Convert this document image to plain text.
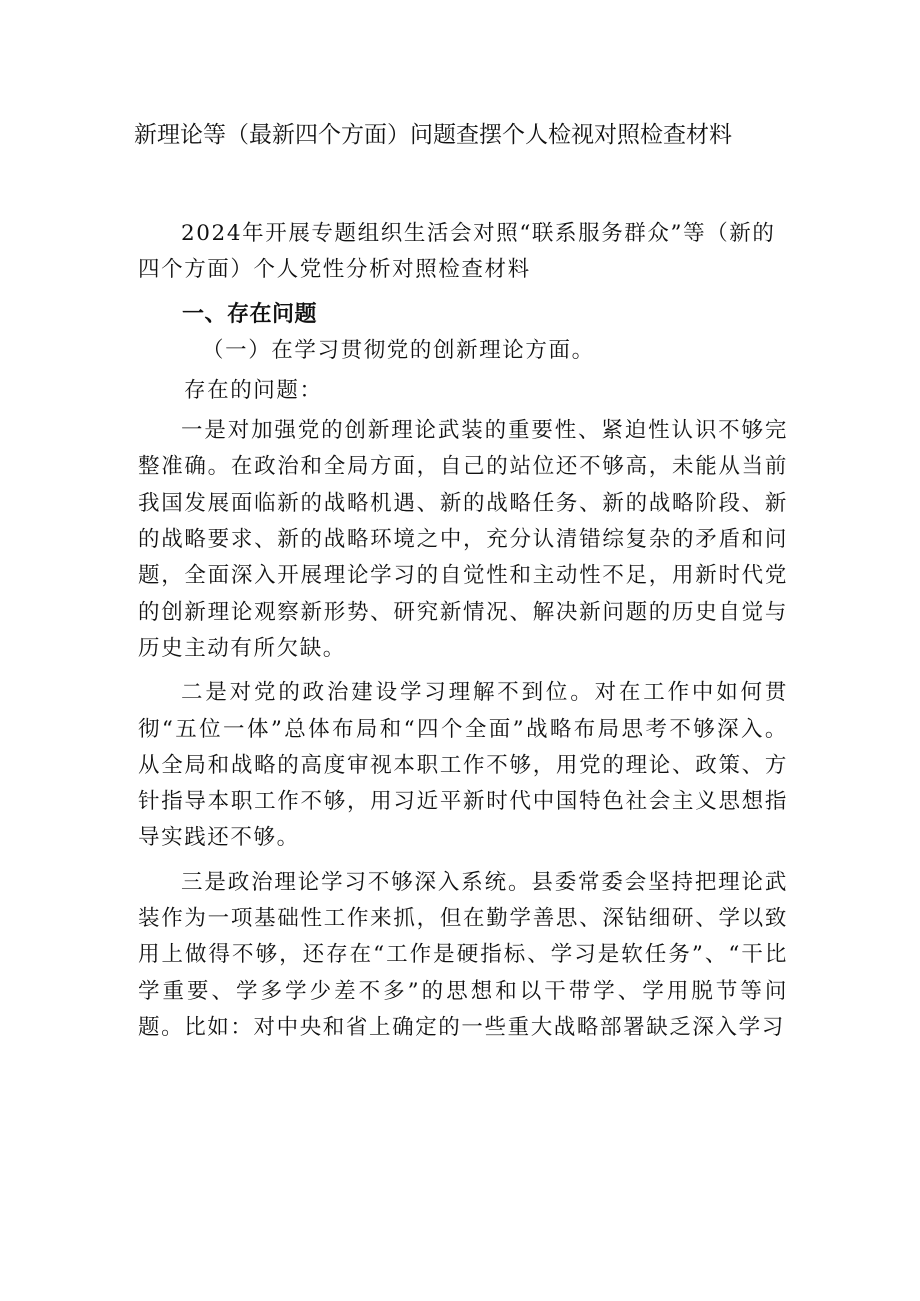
新理论等（最新四个方面）问题查摆个人检视对照检查材料

2024年开展专题组织生活会对照“联系服务群众”等（新的四个方面）个人党性分析对照检查材料

一、存在问题

（一）在学习贯彻党的创新理论方面。

存在的问题：

一是对加强党的创新理论武装的重要性、紧迫性认识不够完整准确。在政治和全局方面，自己的站位还不够高，未能从当前我国发展面临新的战略机遇、新的战略任务、新的战略阶段、新的战略要求、新的战略环境之中，充分认清错综复杂的矛盾和问题，全面深入开展理论学习的自觉性和主动性不足，用新时代党的创新理论观察新形势、研究新情况、解决新问题的历史自觉与历史主动有所欠缺。

二是对党的政治建设学习理解不到位。对在工作中如何贯彻“五位一体”总体布局和“四个全面”战略布局思考不够深入。从全局和战略的高度审视本职工作不够，用党的理论、政策、方针指导本职工作不够，用习近平新时代中国特色社会主义思想指导实践还不够。

三是政治理论学习不够深入系统。县委常委会坚持把理论武装作为一项基础性工作来抓，但在勤学善思、深钻细研、学以致用上做得不够，还存在“工作是硬指标、学习是软任务”、“干比学重要、学多学少差不多”的思想和以干带学、学用脱节等问题。比如：对中央和省上确定的一些重大战略部署缺乏深入学习
